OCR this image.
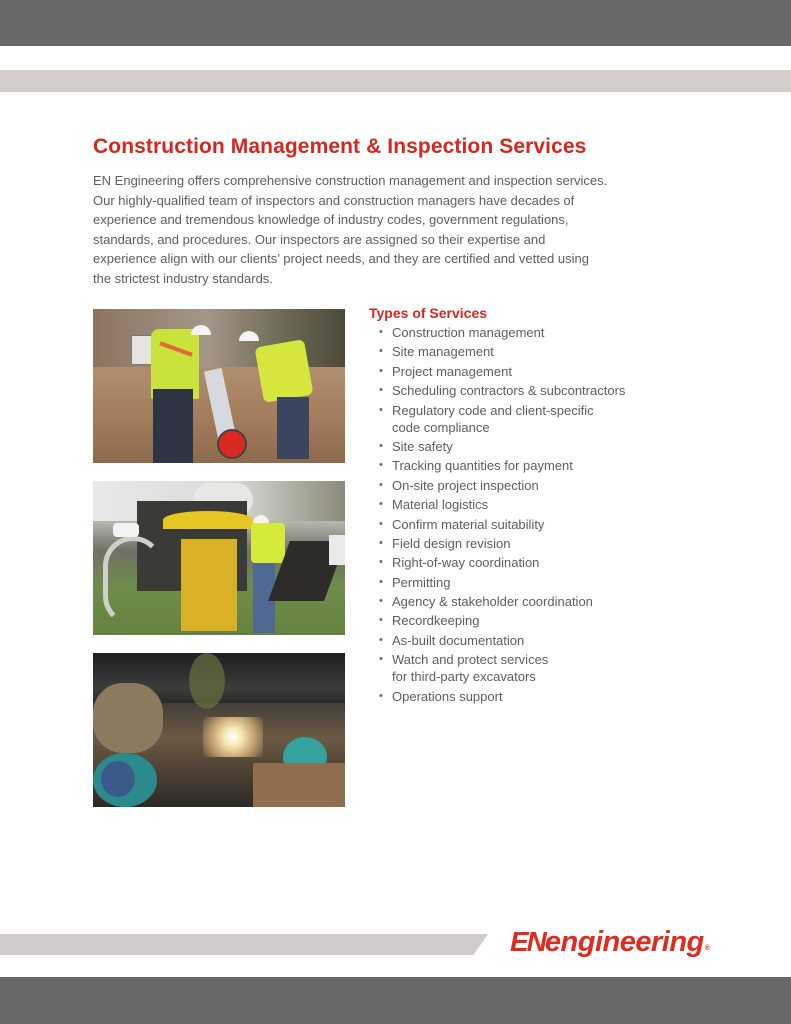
Construction Management & Inspection Services
EN Engineering offers comprehensive construction management and inspection services.
Our highly-qualified team of inspectors and construction managers have decades of
experience and tremendous knowledge of industry codes, government regulations,
standards, and procedures. Our inspectors are assigned so their expertise and
experience align with our clients’ project needs, and they are certified and vetted using
the strictest industry standards.
Types of Services
• Construction management
• Site management
• Project management
• Scheduling contractors & subcontractors
• Regulatory code and client-specific
code compliance
• Site safety
• Tracking quantities for payment
• On-site project inspection
• Material logistics
• Confirm material suitability
• Field design revision
• Right-of-way coordination
• Permitting
• Agency & stakeholder coordination
• Recordkeeping
• As-built documentation
• Watch and protect services
for third-party excavators
• Operations support
ENengineering®
